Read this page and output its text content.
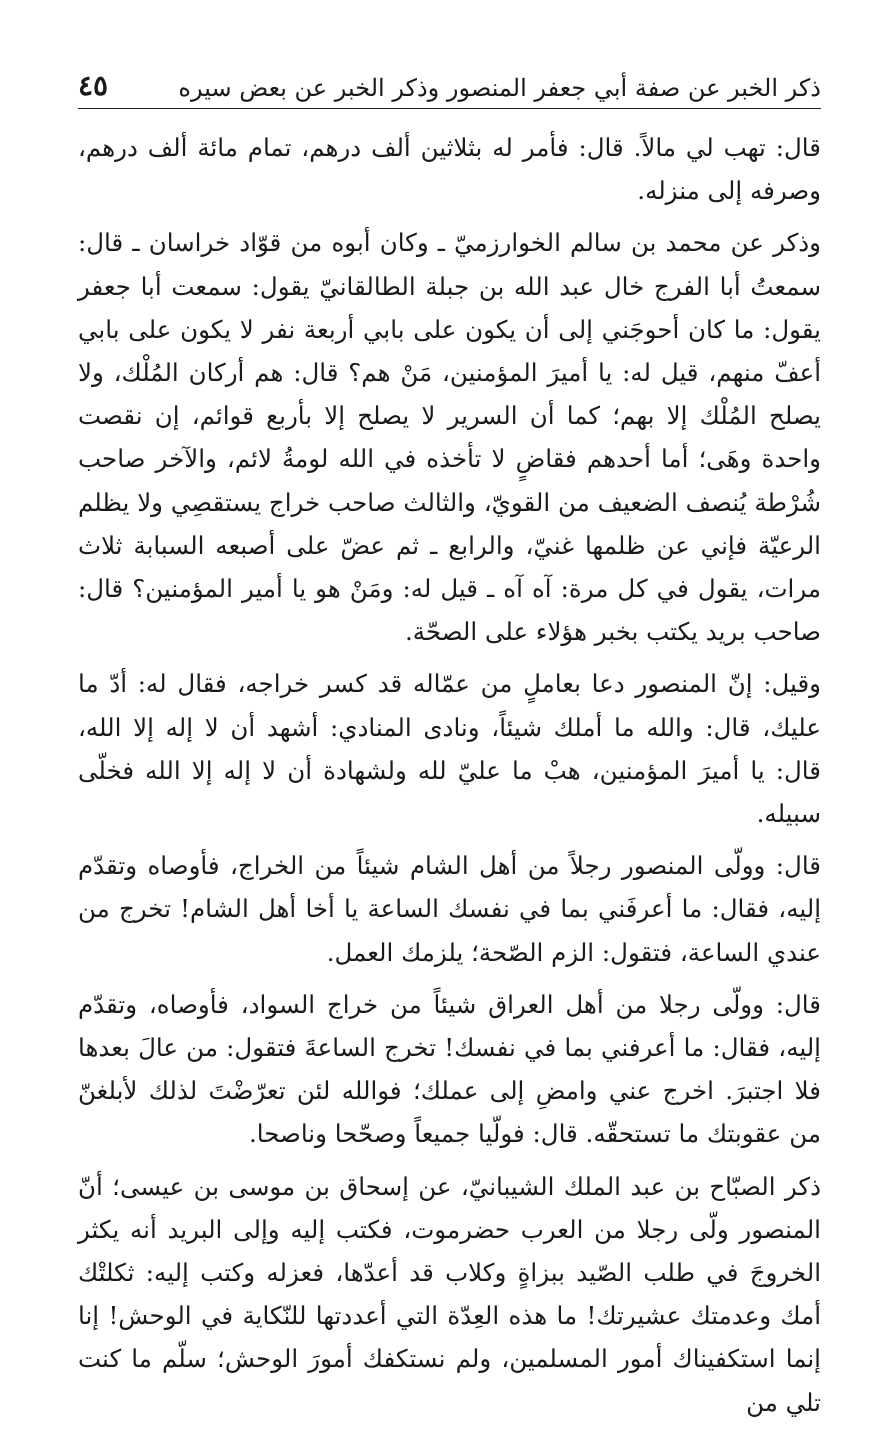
ذكر الخبر عن صفة أبي جعفر المنصور وذكر الخبر عن بعض سيره
٤٥
قال: تهب لي مالاً. قال: فأمر له بثلاثين ألف درهم، تمام مائة ألف درهم، وصرفه إلى منزله.
وذكر عن محمد بن سالم الخوارزميّ ـ وكان أبوه من قوّاد خراسان ـ قال: سمعتُ أبا الفرج خال عبد الله بن جبلة الطالقانيّ يقول: سمعت أبا جعفر يقول: ما كان أحوجَني إلى أن يكون على بابي أربعة نفر لا يكون على بابي أعفّ منهم، قيل له: يا أميرَ المؤمنين، مَنْ هم؟ قال: هم أركان المُلْك، ولا يصلح المُلْك إلا بهم؛ كما أن السرير لا يصلح إلا بأربع قوائم، إن نقصت واحدة وهَى؛ أما أحدهم فقاضٍ لا تأخذه في الله لومةُ لائم، والآخر صاحب شُرْطة يُنصف الضعيف من القويّ، والثالث صاحب خراج يستقصِي ولا يظلم الرعيّة فإني عن ظلمها غنيّ، والرابع ـ ثم عضّ على أصبعه السبابة ثلاث مرات، يقول في كل مرة: آه آه ـ قيل له: ومَنْ هو يا أمير المؤمنين؟ قال: صاحب بريد يكتب بخبر هؤلاء على الصحّة.
وقيل: إنّ المنصور دعا بعاملٍ من عمّاله قد كسر خراجه، فقال له: أدّ ما عليك، قال: والله ما أملك شيئاً، ونادى المنادي: أشهد أن لا إله إلا الله، قال: يا أميرَ المؤمنين، هبْ ما عليّ لله ولشهادة أن لا إله إلا الله فخلّى سبيله.
قال: وولّى المنصور رجلاً من أهل الشام شيئاً من الخراج، فأوصاه وتقدّم إليه، فقال: ما أعرفَني بما في نفسك الساعة يا أخا أهل الشام! تخرج من عندي الساعة، فتقول: الزم الصّحة؛ يلزمك العمل.
قال: وولّى رجلا من أهل العراق شيئاً من خراج السواد، فأوصاه، وتقدّم إليه، فقال: ما أعرفني بما في نفسك! تخرج الساعةَ فتقول: من عالَ بعدها فلا اجتبرَ. اخرج عني وامضِ إلى عملك؛ فوالله لئن تعرّضْتَ لذلك لأبلغنّ من عقوبتك ما تستحقّه. قال: فولّيا جميعاً وصحّحا وناصحا.
ذكر الصبّاح بن عبد الملك الشيبانيّ، عن إسحاق بن موسى بن عيسى؛ أنّ المنصور ولّى رجلا من العرب حضرموت، فكتب إليه وإلى البريد أنه يكثر الخروجَ في طلب الصّيد ببزاةٍ وكلاب قد أعدّها، فعزله وكتب إليه: ثكلتْك أمك وعدمتك عشيرتك! ما هذه العِدّة التي أعددتها للنّكاية في الوحش! إنا إنما استكفيناك أمور المسلمين، ولم نستكفك أمورَ الوحش؛ سلّم ما كنت تلي من
